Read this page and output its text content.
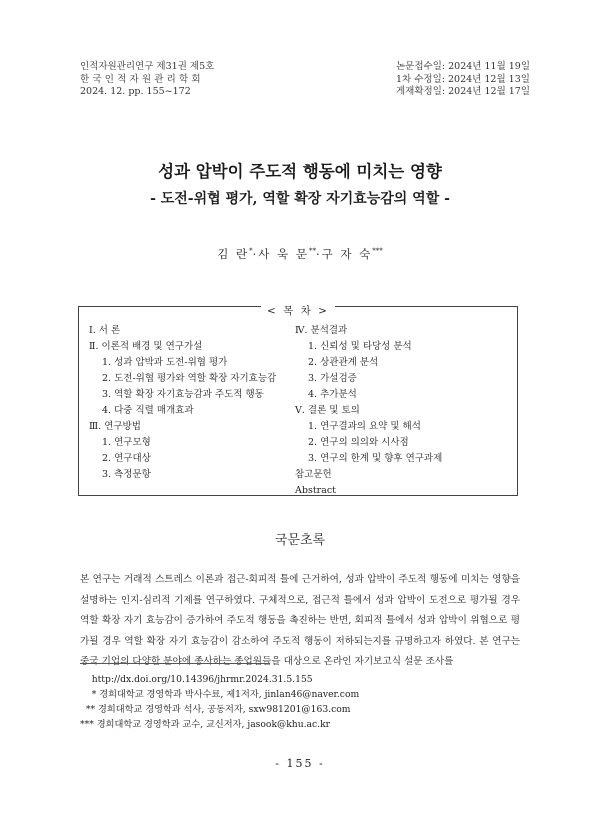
인적자원관리연구 제31권 제5호
한국인적자원관리학회
2024. 12. pp. 155~172
논문접수일: 2024년 11월 19일
1차 수정일: 2024년 12월 13일
게재확정일: 2024년 12월 17일
성과 압박이 주도적 행동에 미치는 영향
- 도전-위협 평가, 역할 확장 자기효능감의 역할 -
김 란*·사 욱 문**·구 자 숙***
< 목 차 >
Ⅰ. 서 론
Ⅱ. 이론적 배경 및 연구가설
1. 성과 압박과 도전-위협 평가
2. 도전-위협 평가와 역할 확장 자기효능감
3. 역할 확장 자기효능감과 주도적 행동
4. 다중 직렬 매개효과
Ⅲ. 연구방법
1. 연구모형
2. 연구대상
3. 측정문항
Ⅳ. 분석결과
1. 신뢰성 및 타당성 분석
2. 상관관계 분석
3. 가설검증
4. 추가분석
Ⅴ. 결론 및 토의
1. 연구결과의 요약 및 해석
2. 연구의 의의와 시사점
3. 연구의 한계 및 향후 연구과제
참고문헌
Abstract
국문초록
본 연구는 거래적 스트레스 이론과 접근-회피적 틀에 근거하여, 성과 압박이 주도적 행동에 미치는 영향을 설명하는 인지-심리적 기제를 연구하였다. 구체적으로, 접근적 틀에서 성과 압박이 도전으로 평가될 경우 역할 확장 자기 효능감이 증가하여 주도적 행동을 촉진하는 반면, 회피적 틀에서 성과 압박이 위협으로 평가될 경우 역할 확장 자기 효능감이 감소하여 주도적 행동이 저하되는지를 규명하고자 하였다. 본 연구는 중국 기업의 다양한 분야에 종사하는 종업원들을 대상으로 온라인 자기보고식 설문 조사를
http://dx.doi.org/10.14396/jhrmr.2024.31.5.155
* 경희대학교 경영학과 박사수료, 제1저자, jinlan46@naver.com
** 경희대학교 경영학과 석사, 공동저자, sxw981201@163.com
*** 경희대학교 경영학과 교수, 교신저자, jasook@khu.ac.kr
- 155 -
